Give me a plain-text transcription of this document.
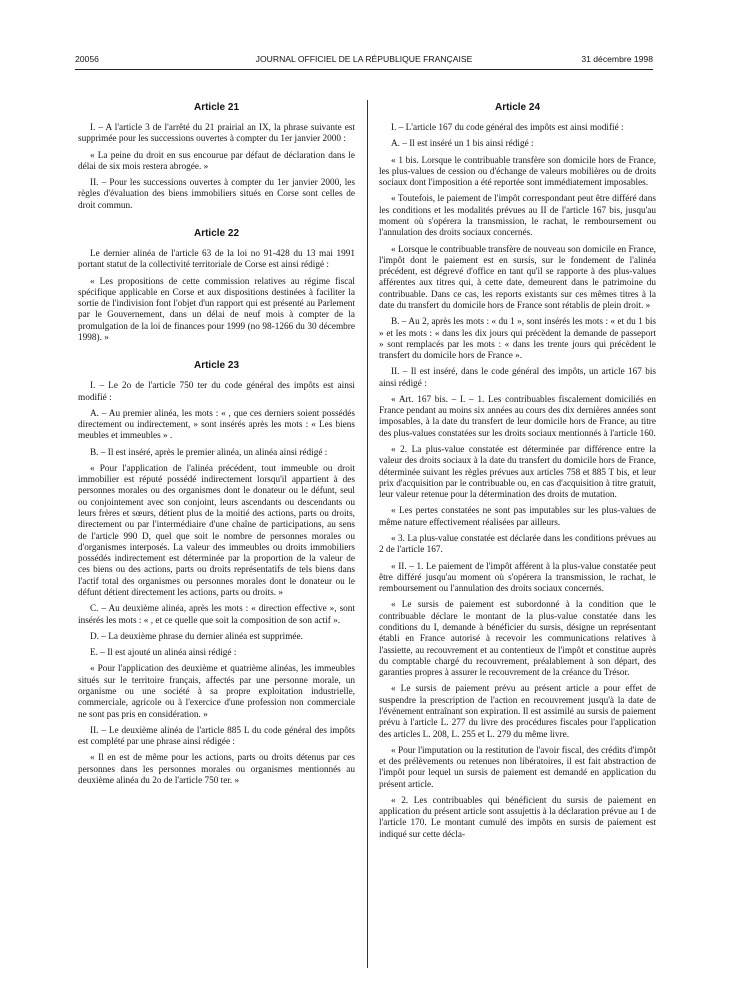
20056	JOURNAL OFFICIEL DE LA RÉPUBLIQUE FRANÇAISE	31 décembre 1998
Article 21

I. – A l'article 3 de l'arrêté du 21 prairial an IX, la phrase suivante est supprimée pour les successions ouvertes à compter du 1er janvier 2000 :

« La peine du droit en sus encourue par défaut de déclaration dans le délai de six mois restera abrogée. »

II. – Pour les successions ouvertes à compter du 1er janvier 2000, les règles d'évaluation des biens immobiliers situés en Corse sont celles de droit commun.

Article 22

Le dernier alinéa de l'article 63 de la loi no 91-428 du 13 mai 1991 portant statut de la collectivité territoriale de Corse est ainsi rédigé :

« Les propositions de cette commission relatives au régime fiscal spécifique applicable en Corse et aux dispositions destinées à faciliter la sortie de l'indivision font l'objet d'un rapport qui est présenté au Parlement par le Gouvernement, dans un délai de neuf mois à compter de la promulgation de la loi de finances pour 1999 (no 98-1266 du 30 décembre 1998). »

Article 23

I. – Le 2o de l'article 750 ter du code général des impôts est ainsi modifié :

A. – Au premier alinéa, les mots : « , que ces derniers soient possédés directement ou indirectement, » sont insérés après les mots : « Les biens meubles et immeubles » .

B. – Il est inséré, après le premier alinéa, un alinéa ainsi rédigé :

« Pour l'application de l'alinéa précédent, tout immeuble ou droit immobilier est réputé possédé indirectement lorsqu'il appartient à des personnes morales ou des organismes dont le donateur ou le défunt, seul ou conjointement avec son conjoint, leurs ascendants ou descendants ou leurs frères et sœurs, détient plus de la moitié des actions, parts ou droits, directement ou par l'intermédiaire d'une chaîne de participations, au sens de l'article 990 D, quel que soit le nombre de personnes morales ou d'organismes interposés. La valeur des immeubles ou droits immobiliers possédés indirectement est déterminée par la proportion de la valeur de ces biens ou des actions, parts ou droits représentatifs de tels biens dans l'actif total des organismes ou personnes morales dont le donateur ou le défunt détient directement les actions, parts ou droits. »

C. – Au deuxième alinéa, après les mots : « direction effective », sont insérés les mots : « , et ce quelle que soit la composition de son actif ».

D. – La deuxième phrase du dernier alinéa est supprimée.

E. – Il est ajouté un alinéa ainsi rédigé :

« Pour l'application des deuxième et quatrième alinéas, les immeubles situés sur le territoire français, affectés par une personne morale, un organisme ou une société à sa propre exploitation industrielle, commerciale, agricole ou à l'exercice d'une profession non commerciale ne sont pas pris en considération. »

II. – Le deuxième alinéa de l'article 885 L du code général des impôts est complété par une phrase ainsi rédigée :

« Il en est de même pour les actions, parts ou droits détenus par ces personnes dans les personnes morales ou organismes mentionnés au deuxième alinéa du 2o de l'article 750 ter. »

Article 24

I. – L'article 167 du code général des impôts est ainsi modifié :

A. – Il est inséré un 1 bis ainsi rédigé :

« 1 bis. Lorsque le contribuable transfère son domicile hors de France, les plus-values de cession ou d'échange de valeurs mobilières ou de droits sociaux dont l'imposition a été reportée sont immédiatement imposables.

« Toutefois, le paiement de l'impôt correspondant peut être différé dans les conditions et les modalités prévues au II de l'article 167 bis, jusqu'au moment où s'opérera la transmission, le rachat, le remboursement ou l'annulation des droits sociaux concernés.

« Lorsque le contribuable transfère de nouveau son domicile en France, l'impôt dont le paiement est en sursis, sur le fondement de l'alinéa précédent, est dégrevé d'office en tant qu'il se rapporte à des plus-values afférentes aux titres qui, à cette date, demeurent dans le patrimoine du contribuable. Dans ce cas, les reports existants sur ces mêmes titres à la date du transfert du domicile hors de France sont rétablis de plein droit. »

B. – Au 2, après les mots : « du 1 », sont insérés les mots : « et du 1 bis » et les mots : « dans les dix jours qui précèdent la demande de passeport » sont remplacés par les mots : « dans les trente jours qui précèdent le transfert du domicile hors de France ».

II. – Il est inséré, dans le code général des impôts, un article 167 bis ainsi rédigé :

« Art. 167 bis. – I. – 1. Les contribuables fiscalement domiciliés en France pendant au moins six années au cours des dix dernières années sont imposables, à la date du transfert de leur domicile hors de France, au titre des plus-values constatées sur les droits sociaux mentionnés à l'article 160.

« 2. La plus-value constatée est déterminée par différence entre la valeur des droits sociaux à la date du transfert du domicile hors de France, déterminée suivant les règles prévues aux articles 758 et 885 T bis, et leur prix d'acquisition par le contribuable ou, en cas d'acquisition à titre gratuit, leur valeur retenue pour la détermination des droits de mutation.

« Les pertes constatées ne sont pas imputables sur les plus-values de même nature effectivement réalisées par ailleurs.

« 3. La plus-value constatée est déclarée dans les conditions prévues au 2 de l'article 167.

« II. – 1. Le paiement de l'impôt afférent à la plus-value constatée peut être différé jusqu'au moment où s'opérera la transmission, le rachat, le remboursement ou l'annulation des droits sociaux concernés.

« Le sursis de paiement est subordonné à la condition que le contribuable déclare le montant de la plus-value constatée dans les conditions du I, demande à bénéficier du sursis, désigne un représentant établi en France autorisé à recevoir les communications relatives à l'assiette, au recouvrement et au contentieux de l'impôt et constitue auprès du comptable chargé du recouvrement, préalablement à son départ, des garanties propres à assurer le recouvrement de la créance du Trésor.

« Le sursis de paiement prévu au présent article a pour effet de suspendre la prescription de l'action en recouvrement jusqu'à la date de l'événement entraînant son expiration. Il est assimilé au sursis de paiement prévu à l'article L. 277 du livre des procédures fiscales pour l'application des articles L. 208, L. 255 et L. 279 du même livre.

« Pour l'imputation ou la restitution de l'avoir fiscal, des crédits d'impôt et des prélèvements ou retenues non libératoires, il est fait abstraction de l'impôt pour lequel un sursis de paiement est demandé en application du présent article.

« 2. Les contribuables qui bénéficient du sursis de paiement en application du présent article sont assujettis à la déclaration prévue au 1 de l'article 170. Le montant cumulé des impôts en sursis de paiement est indiqué sur cette décla-
